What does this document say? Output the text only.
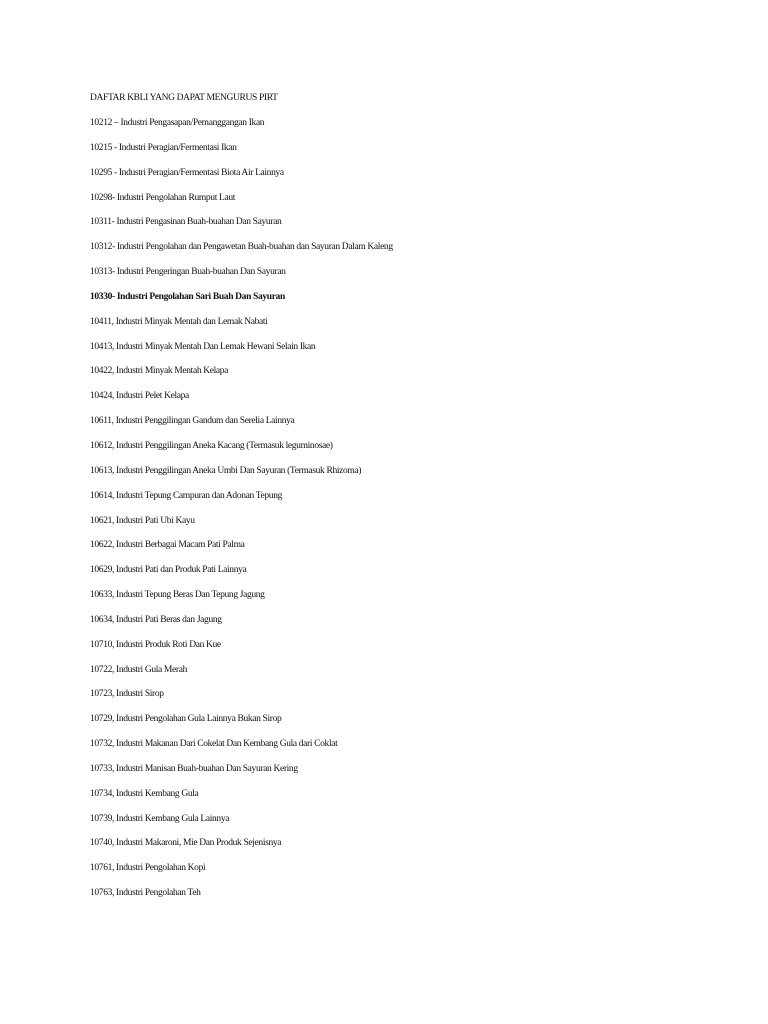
DAFTAR KBLI YANG DAPAT MENGURUS PIRT
10212 – Industri Pengasapan/Pemanggangan Ikan
10215 - Industri Peragian/Fermentasi Ikan
10295 - Industri Peragian/Fermentasi Biota Air Lainnya
10298- Industri Pengolahan Rumput Laut
10311- Industri Pengasinan Buah-buahan Dan Sayuran
10312- Industri Pengolahan dan Pengawetan Buah-buahan dan Sayuran Dalam Kaleng
10313- Industri Pengeringan Buah-buahan Dan Sayuran
10330- Industri Pengolahan Sari Buah Dan Sayuran
10411, Industri Minyak Mentah dan Lemak Nabati
10413, Industri Minyak Mentah Dan Lemak Hewani Selain Ikan
10422, Industri Minyak Mentah Kelapa
10424, Industri Pelet Kelapa
10611, Industri Penggilingan Gandum dan Serelia Lainnya
10612, Industri Penggilingan Aneka Kacang (Termasuk leguminosae)
10613, Industri Penggilingan Aneka Umbi Dan Sayuran (Termasuk Rhizoma)
10614, Industri Tepung Campuran dan Adonan Tepung
10621, Industri Pati Ubi Kayu
10622, Industri Berbagai Macam Pati Palma
10629, Industri Pati dan Produk Pati Lainnya
10633, Industri Tepung Beras Dan Tepung Jagung
10634, Industri Pati Beras dan Jagung
10710, Industri Produk Roti Dan Kue
10722, Industri Gula Merah
10723, Industri Sirop
10729, Industri Pengolahan Gula Lainnya Bukan Sirop
10732, Industri Makanan Dari Cokelat Dan Kembang Gula dari Coklat
10733, Industri Manisan Buah-buahan Dan Sayuran Kering
10734, Industri Kembang Gula
10739, Industri Kembang Gula Lainnya
10740, Industri Makaroni, Mie Dan Produk Sejenisnya
10761, Industri Pengolahan Kopi
10763, Industri Pengolahan Teh
